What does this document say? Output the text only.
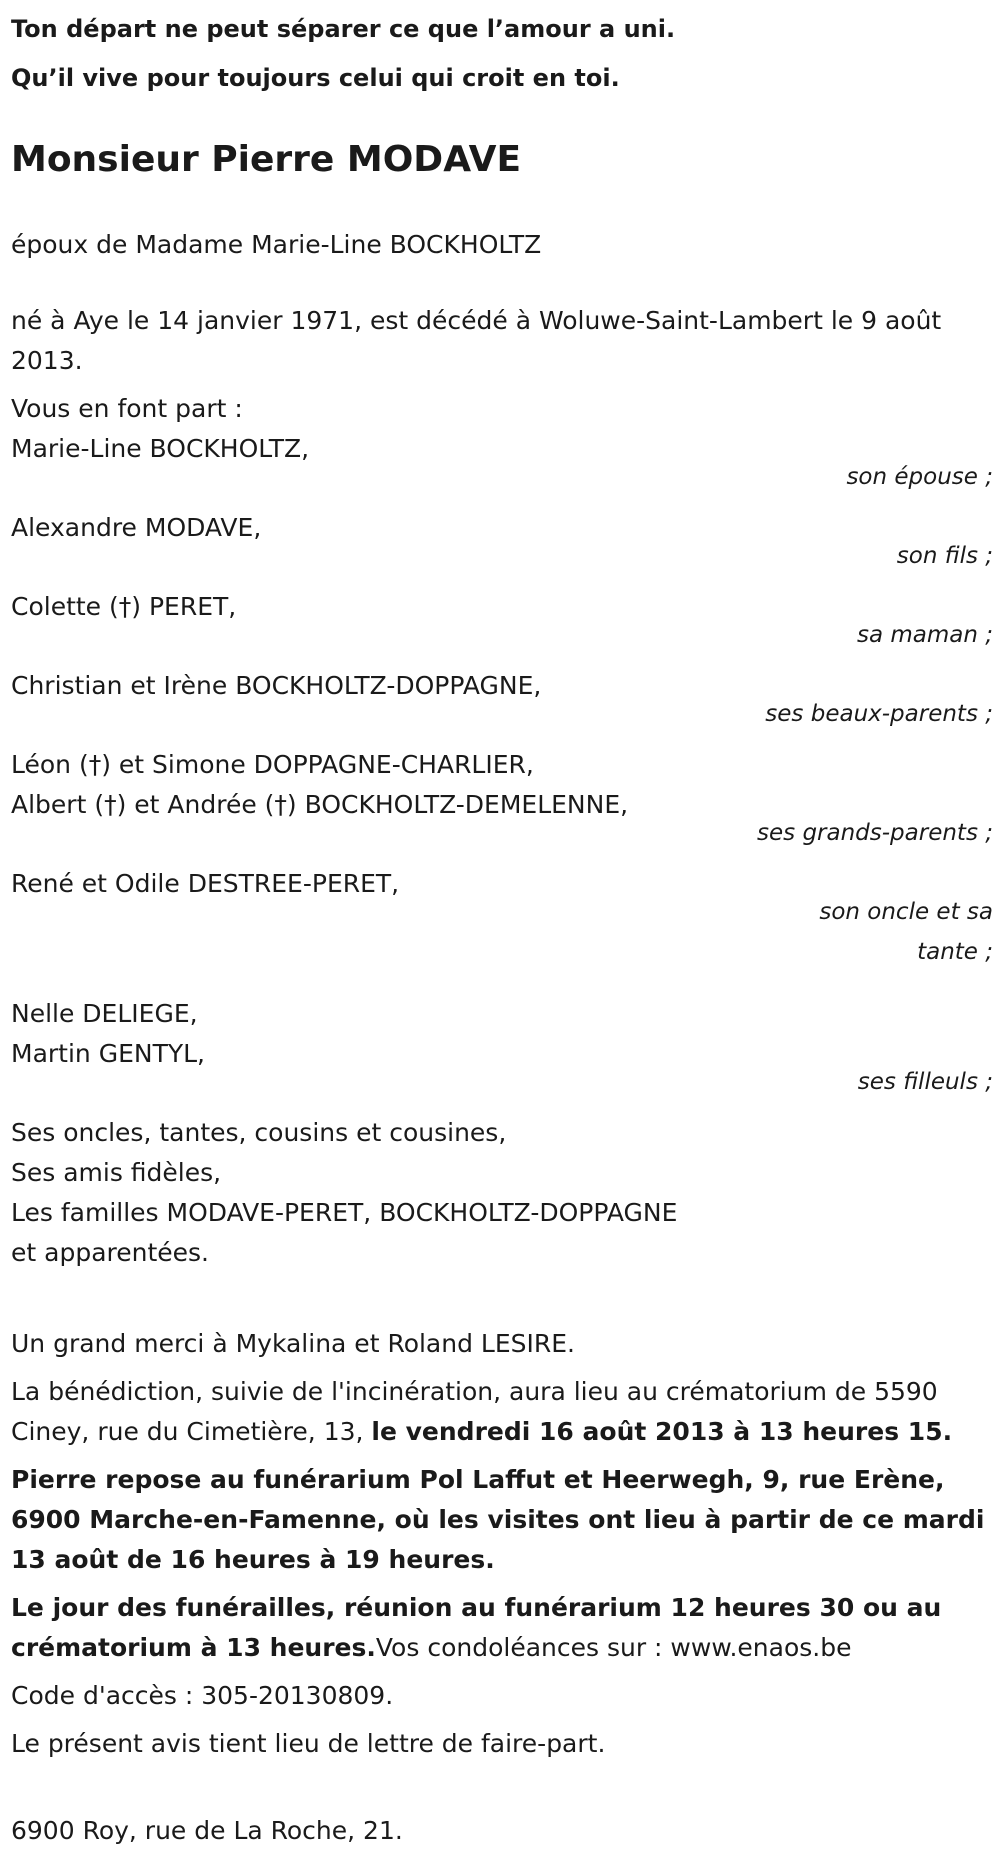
Ton départ ne peut séparer ce que l’amour a uni.

Qu’il vive pour toujours celui qui croit en toi.

Monsieur Pierre MODAVE

époux de Madame Marie-Line BOCKHOLTZ

né à Aye le 14 janvier 1971, est décédé à Woluwe-Saint-Lambert le 9 août 2013.

Vous en font part :

Marie-Line BOCKHOLTZ,

son épouse ;

Alexandre MODAVE,

son fils ;

Colette (†) PERET,

sa maman ;

Christian et Irène BOCKHOLTZ-DOPPAGNE,

ses beaux-parents ;

Léon (†) et Simone DOPPAGNE-CHARLIER,

Albert (†) et Andrée (†) BOCKHOLTZ-DEMELENNE,

ses grands-parents ;

René et Odile DESTREE-PERET,

son oncle et sa tante ;

Nelle DELIEGE,

Martin GENTYL,

ses filleuls ;

Ses oncles, tantes, cousins et cousines,

Ses amis fidèles,

Les familles MODAVE-PERET, BOCKHOLTZ-DOPPAGNE

et apparentées.

Un grand merci à Mykalina et Roland LESIRE.

La bénédiction, suivie de l'incinération, aura lieu au crématorium de 5590 Ciney, rue du Cimetière, 13, le vendredi 16 août 2013 à 13 heures 15.

Pierre repose au funérarium Pol Laffut et Heerwegh, 9, rue Erène, 6900 Marche-en-Famenne, où les visites ont lieu à partir de ce mardi 13 août de 16 heures à 19 heures.

Le jour des funérailles, réunion au funérarium 12 heures 30 ou au crématorium à 13 heures.Vos condoléances sur : www.enaos.be

Code d'accès : 305-20130809.

Le présent avis tient lieu de lettre de faire-part.

6900 Roy, rue de La Roche, 21.
